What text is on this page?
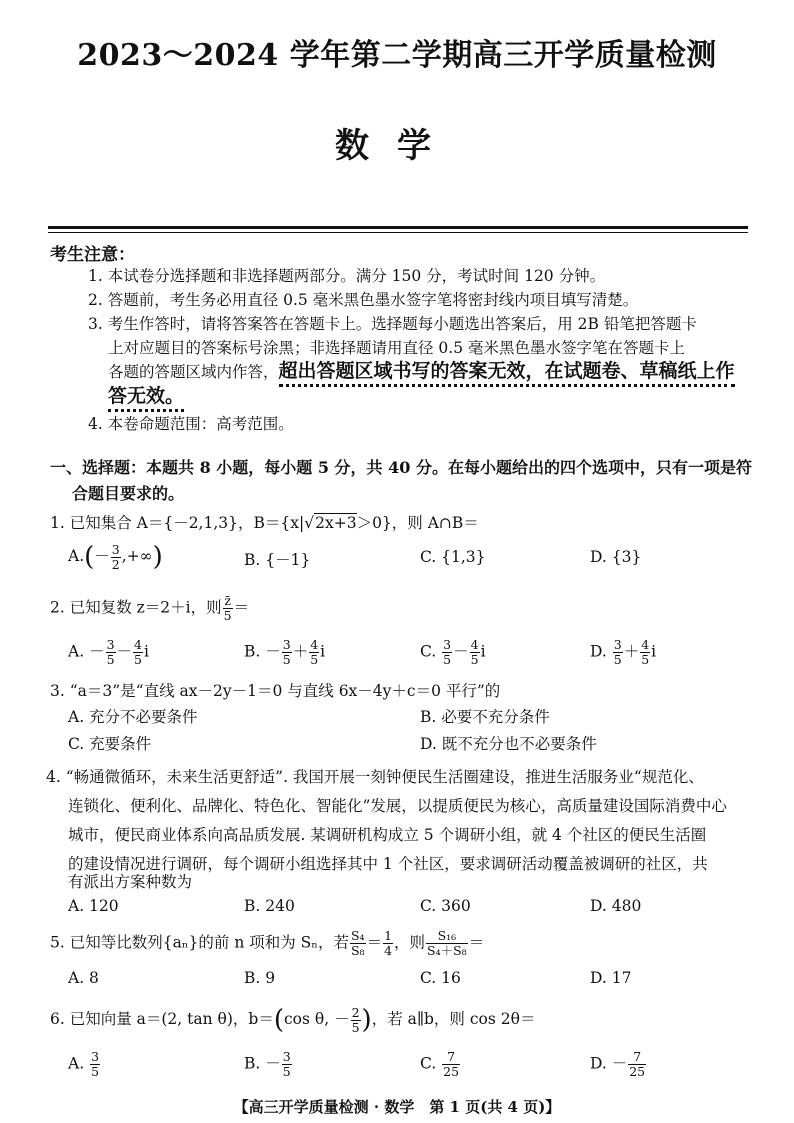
2023～2024 学年第二学期高三开学质量检测
数学
考生注意：
1. 本试卷分选择题和非选择题两部分。满分 150 分，考试时间 120 分钟。
2. 答题前，考生务必用直径 0.5 毫米黑色墨水签字笔将密封线内项目填写清楚。
3. 考生作答时，请将答案答在答题卡上。选择题每小题选出答案后，用 2B 铅笔把答题卡
上对应题目的答案标号涂黑；非选择题请用直径 0.5 毫米黑色墨水签字笔在答题卡上
各题的答题区域内作答，超出答题区域书写的答案无效，在试题卷、草稿纸上作
答无效。
4. 本卷命题范围：高考范围。
一、选择题：本题共 8 小题，每小题 5 分，共 40 分。在每小题给出的四个选项中，只有一项是符
合题目要求的。
1. 已知集合 A＝{－2,1,3}，B＝{x|√2x+3＞0}，则 A∩B＝
$A.(- \frac{3}{2}$ ,+∞)	B. {－1}	C. {1,3}	D. {3}
2. 已知复数 z＝2＋i，则 $\frac{z̄}{5}$ ＝
A. － $\frac{3}{5} - \frac{4}{5}$ i	B. － $\frac{3}{5} + \frac{4}{5}$ i	C. $\frac{3}{5} - \frac{4}{5}$ i	D. $\frac{3}{5} + \frac{4}{5}$ i
3. “a＝3”是“直线 ax－2y－1＝0 与直线 6x－4y＋c＝0 平行”的
A. 充分不必要条件	B. 必要不充分条件
C. 充要条件	D. 既不充分也不必要条件
4. “畅通微循环，未来生活更舒适”. 我国开展一刻钟便民生活圈建设，推进生活服务业“规范化、
连锁化、便利化、品牌化、特色化、智能化”发展，以提质便民为核心，高质量建设国际消费中心
城市，便民商业体系向高品质发展. 某调研机构成立 5 个调研小组，就 4 个社区的便民生活圈
的建设情况进行调研，每个调研小组选择其中 1 个社区，要求调研活动覆盖被调研的社区，共
有派出方案种数为
A. 120	B. 240	C. 360	D. 480
5. 已知等比数列{aₙ}的前 n 项和为 Sₙ，若 $\frac{\text{S₄}}{\text{S₈}} = \frac{1}{4}$ ，则 $\frac{\text{S₁₆}}{\text{S₄＋S₈}}$ ＝
A. 8	B. 9	C. 16	D. 17
6. 已知向量 a＝(2, tan θ)，b＝(cos θ, － $\frac{2}{5}$ )，若 a∥b，则 cos 2θ＝
A. $\frac{3}{5}$	B. － $\frac{3}{5}$	C. $\frac{7}{25}$	D. － $\frac{7}{25}$
【高三开学质量检测 · 数学　第 1 页(共 4 页)】
